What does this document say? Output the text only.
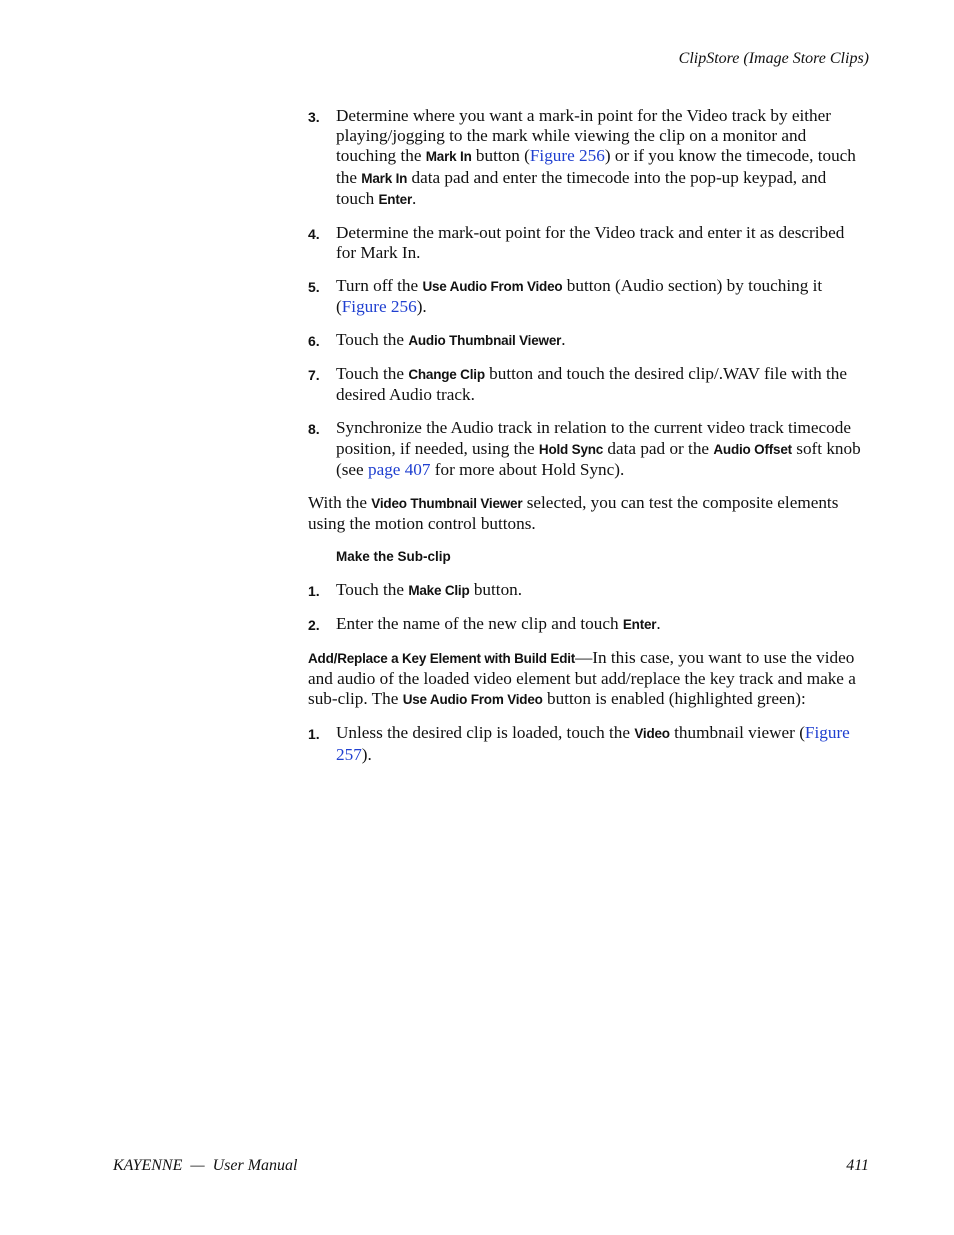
ClipStore (Image Store Clips)
3. Determine where you want a mark-in point for the Video track by either playing/jogging to the mark while viewing the clip on a monitor and touching the Mark In button (Figure 256) or if you know the timecode, touch the Mark In data pad and enter the timecode into the pop-up keypad, and touch Enter.
4. Determine the mark-out point for the Video track and enter it as described for Mark In.
5. Turn off the Use Audio From Video button (Audio section) by touching it (Figure 256).
6. Touch the Audio Thumbnail Viewer.
7. Touch the Change Clip button and touch the desired clip/.WAV file with the desired Audio track.
8. Synchronize the Audio track in relation to the current video track timecode position, if needed, using the Hold Sync data pad or the Audio Offset soft knob (see page 407 for more about Hold Sync).
With the Video Thumbnail Viewer selected, you can test the composite elements using the motion control buttons.
Make the Sub-clip
1. Touch the Make Clip button.
2. Enter the name of the new clip and touch Enter.
Add/Replace a Key Element with Build Edit—In this case, you want to use the video and audio of the loaded video element but add/replace the key track and make a sub-clip. The Use Audio From Video button is enabled (highlighted green):
1. Unless the desired clip is loaded, touch the Video thumbnail viewer (Figure 257).
KAYENNE  —  User Manual	411
